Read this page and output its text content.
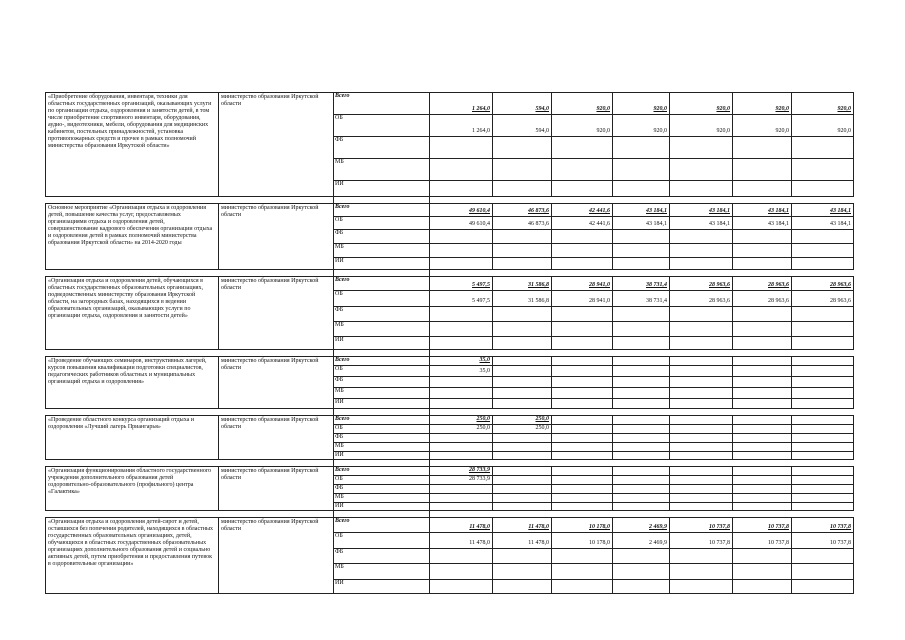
«Приобретение оборудования, инвентаря, техники для областных государственных организаций, оказывающих услуги по организации отдыха, оздоровления и занятости детей, в том числе приобретение спортивного инвентаря, оборудования, аудио-, видеотехники, мебели, оборудования для медицинских кабинетов, постельных принадлежностей, установка противопожарных средств и прочее в рамках полномочий министерства образования Иркутской области»	министерство образования Иркутской области	Всего	1 264,0	594,0	920,0	920,0	920,0	920,0	920,0
		ОБ	1 264,0	594,0	920,0	920,0	920,0	920,0	920,0
		ФБ							
		МБ							
		ИИ							

Основное мероприятие «Организация отдыха и оздоровления детей, повышение качества услуг, предоставляемых организациями отдыха и оздоровления детей, совершенствование кадрового обеспечения организации отдыха и оздоровления детей в рамках полномочий министерства образования Иркутской области» на 2014-2020 годы	министерство образования Иркутской области	Всего	49 610,4	46 873,6	42 441,6	43 184,1	43 184,1	43 184,1	43 184,1
		ОБ	49 610,4	46 873,6	42 441,6	43 184,1	43 184,1	43 184,1	43 184,1
		ФБ							
		МБ							
		ИИ							

«Организация отдыха и оздоровления детей, обучающихся в областных государственных образовательных организациях, подведомственных министерству образования Иркутской области, на загородных базах, находящихся в ведении образовательных организаций, оказывающих услуги по организации отдыха, оздоровления и занятости детей»	министерство образования Иркутской области	Всего	5 497,5	31 586,8	28 941,0	38 731,4	28 963,6	28 963,6	28 963,6
		ОБ	5 497,5	31 586,8	28 941,0	38 731,4	28 963,6	28 963,6	28 963,6
		ФБ							
		МБ							
		ИИ							

«Проведение обучающих семинаров, инструктивных лагерей, курсов повышения квалификации подготовки специалистов, педагогических работников областных и муниципальных организаций отдыха и оздоровления»	министерство образования Иркутской области	Всего	35,0						
		ОБ	35,0						
		ФБ							
		МБ							
		ИИ							

«Проведение областного конкурса организаций отдыха и оздоровления «Лучший лагерь Приангарья»	министерство образования Иркутской области	Всего	250,0	250,0					
		ОБ	250,0	250,0					
		ФБ							
		МБ							
		ИИ							

«Организация функционирования областного государственного учреждения дополнительного образования детей оздоровительно-образовательного (профильного) центра «Галактика»	министерство образования Иркутской области	Всего	28 733,9						
		ОБ	28 733,9						
		ФБ							
		МБ							
		ИИ							

«Организация отдыха и оздоровления детей-сирот и детей, оставшихся без попечения родителей, находящихся в областных государственных образовательных организациях, детей, обучающихся в областных государственных образовательных организациях дополнительного образования детей и социально активных детей, путем приобретения и предоставления путевок в оздоровительные организации»	министерство образования Иркутской области	Всего	11 478,0	11 478,0	10 178,0	2 469,9	10 737,8	10 737,8	10 737,8
		ОБ	11 478,0	11 478,0	10 178,0	2 469,9	10 737,8	10 737,8	10 737,8
		ФБ							
		МБ							
		ИИ							
